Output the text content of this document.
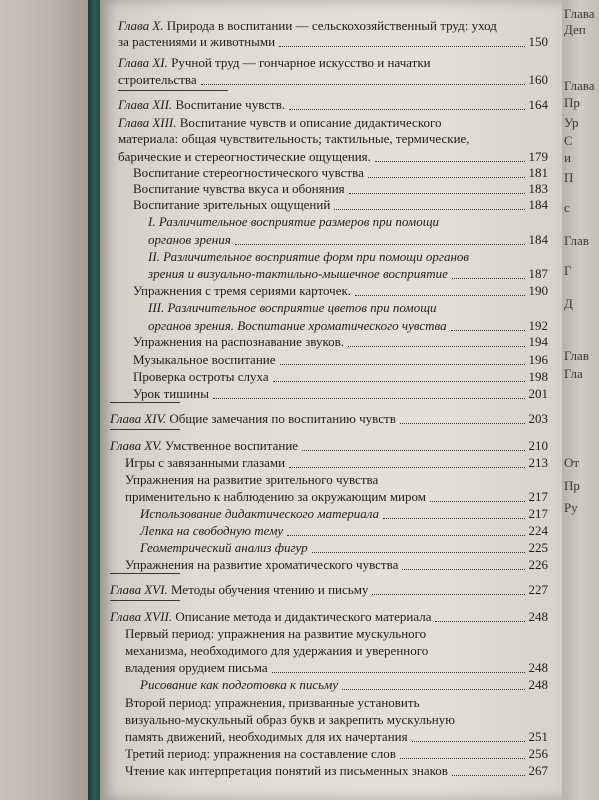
Глава X. Природа в воспитании — сельскохозяйственный труд: уход
за растениями и животными	150
Глава XI. Ручной труд — гончарное искусство и начатки
строительства	160
Глава XII. Воспитание чувств.	164
Глава XIII. Воспитание чувств и описание дидактического
материала: общая чувствительность; тактильные, термические,
барические и стереогностические ощущения.	179
Воспитание стереогностического чувства	181
Воспитание чувства вкуса и обоняния	183
Воспитание зрительных ощущений	184
I. Различительное восприятие размеров при помощи
органов зрения	184
II. Различительное восприятие форм при помощи органов
зрения и визуально-тактильно-мышечное восприятие	187
Упражнения с тремя сериями карточек.	190
III. Различительное восприятие цветов при помощи
органов зрения. Воспитание хроматического чувства	192
Упражнения на распознавание звуков.	194
Музыкальное воспитание	196
Проверка остроты слуха	198
Урок тишины	201
Глава XIV. Общие замечания по воспитанию чувств	203
Глава XV. Умственное воспитание	210
Игры с завязанными глазами	213
Упражнения на развитие зрительного чувства
применительно к наблюдению за окружающим миром	217
Использование дидактического материала	217
Лепка на свободную тему	224
Геометрический анализ фигур	225
Упражнения на развитие хроматического чувства	226
Глава XVI. Методы обучения чтению и письму	227
Глава XVII. Описание метода и дидактического материала	248
Первый период: упражнения на развитие мускульного
механизма, необходимого для удержания и уверенного
владения орудием письма	248
Рисование как подготовка к письму	248
Второй период: упражнения, призванные установить
визуально-мускульный образ букв и закрепить мускульную
память движений, необходимых для их начертания	251
Третий период: упражнения на составление слов	256
Чтение как интерпретация понятий из письменных знаков	267
Глава
Деп
Глава
Пр
Ур
С
и
П
с
Глав
Г
Д
Глав
Гла
От
Пр
Ру
